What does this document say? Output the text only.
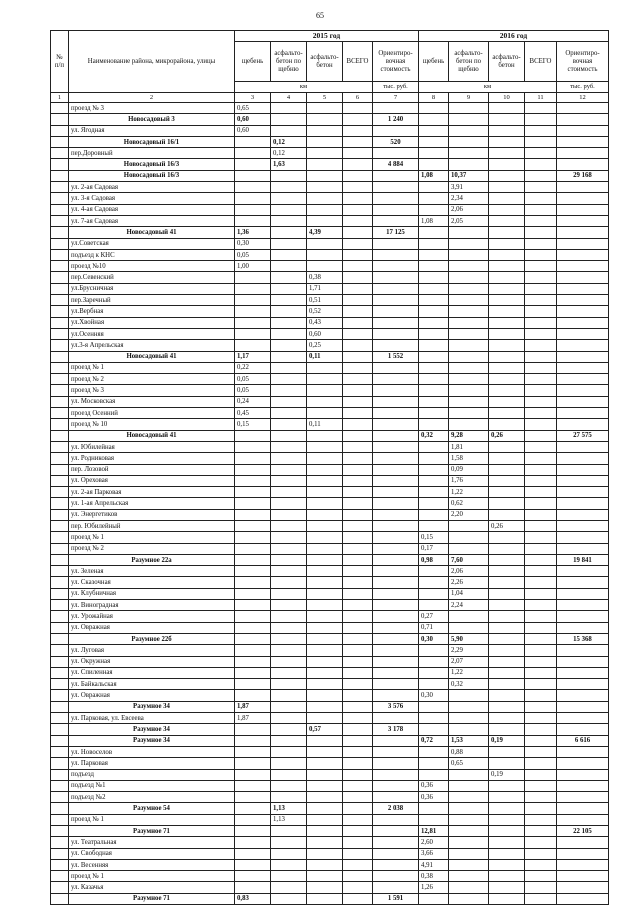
65
№ п/п	Наименование района, микрорайона, улицы	2015 год					2016 год				
		щебень	асфальто-бетон по щебню	асфальто-бетон	ВСЕГО	Ориентиро-вочная стоимость	щебень	асфальто-бетон по щебню	асфальто-бетон	ВСЕГО	Ориентиро-вочная стоимость
		км				тыс. руб.	км				тыс. руб.
1	2	3	4	5	6	7	8	9	10	11	12
	проезд № 3	0,65									
	Новосадовый 3	0,60				1 240					
	ул. Ягодная	0,60									
	Новосадовый 16/1		0,12			520					
	пер.Доровный		0,12								
	Новосадовый 16/3		1,63			4 884					
	Новосадовый 16/3						1,08	10,37			29 168
	ул. 2-ая Садовая							3,91			
	ул. 3-я Садовая							2,34			
	ул. 4-ая Садовая							2,06			
	ул. 7-ая Садовая						1,08	2,05			
	Новосадовый 41	1,36		4,39		17 125					
	ул.Советская	0,30									
	подъезд к КНС	0,05									
	проезд №10	1,00									
	пер.Севенский			0,38							
	ул.Брусничная			1,71							
	пер.Заречный			0,51							
	ул.Вербная			0,52							
	ул.Хвойная			0,43							
	ул.Осенняя			0,60							
	ул.3-я Апрельская			0,25							
	Новосадовый 41	1,17		0,11		1 552					
	проезд № 1	0,22									
	проезд № 2	0,05									
	проезд № 3	0,05									
	ул. Московская	0,24									
	проезд Осенний	0,45									
	проезд № 10	0,15		0,11							
	Новосадовый 41						0,32	9,28	0,26		27 575
	ул. Юбилейная							1,81			
	ул. Родниковая							1,58			
	пер. Лозовой							0,09			
	ул. Ореховая							1,76			
	ул. 2-ая Парковая							1,22			
	ул. 1-ая Апрельская							0,62			
	ул. Энергетиков							2,20			
	пер. Юбилейный								0,26		
	проезд № 1						0,15				
	проезд № 2						0,17				
	Разумное 22а						0,98	7,60			19 841
	ул. Зеленая							2,06			
	ул. Сказочная							2,26			
	ул. Клубничная							1,04			
	ул. Виноградная							2,24			
	ул. Урожайная						0,27				
	ул. Овражная						0,71				
	Разумное 22б						0,30	5,90			15 368
	ул. Луговая							2,29			
	ул. Окружная							2,07			
	ул. Спиленная							1,22			
	ул. Байкальская							0,32			
	ул. Овражная						0,30				
	Разумное 34	1,87				3 576					
	ул. Парковая, ул. Евсеева	1,87									
	Разумное 34			0,57		3 178					
	Разумное 34						0,72	1,53	0,19		6 616
	ул. Новоселов							0,88			
	ул. Парковая							0,65			
	подъезд								0,19		
	подъезд №1						0,36				
	подъезд №2						0,36				
	Разумное 54		1,13			2 038					
	проезд № 1		1,13								
	Разумное 71						12,81				22 105
	ул. Театральная						2,60				
	ул. Свободная						3,66				
	ул. Весенняя						4,91				
	проезд № 1						0,38				
	ул. Казачья						1,26				
	Разумное 71	0,83				1 591					
